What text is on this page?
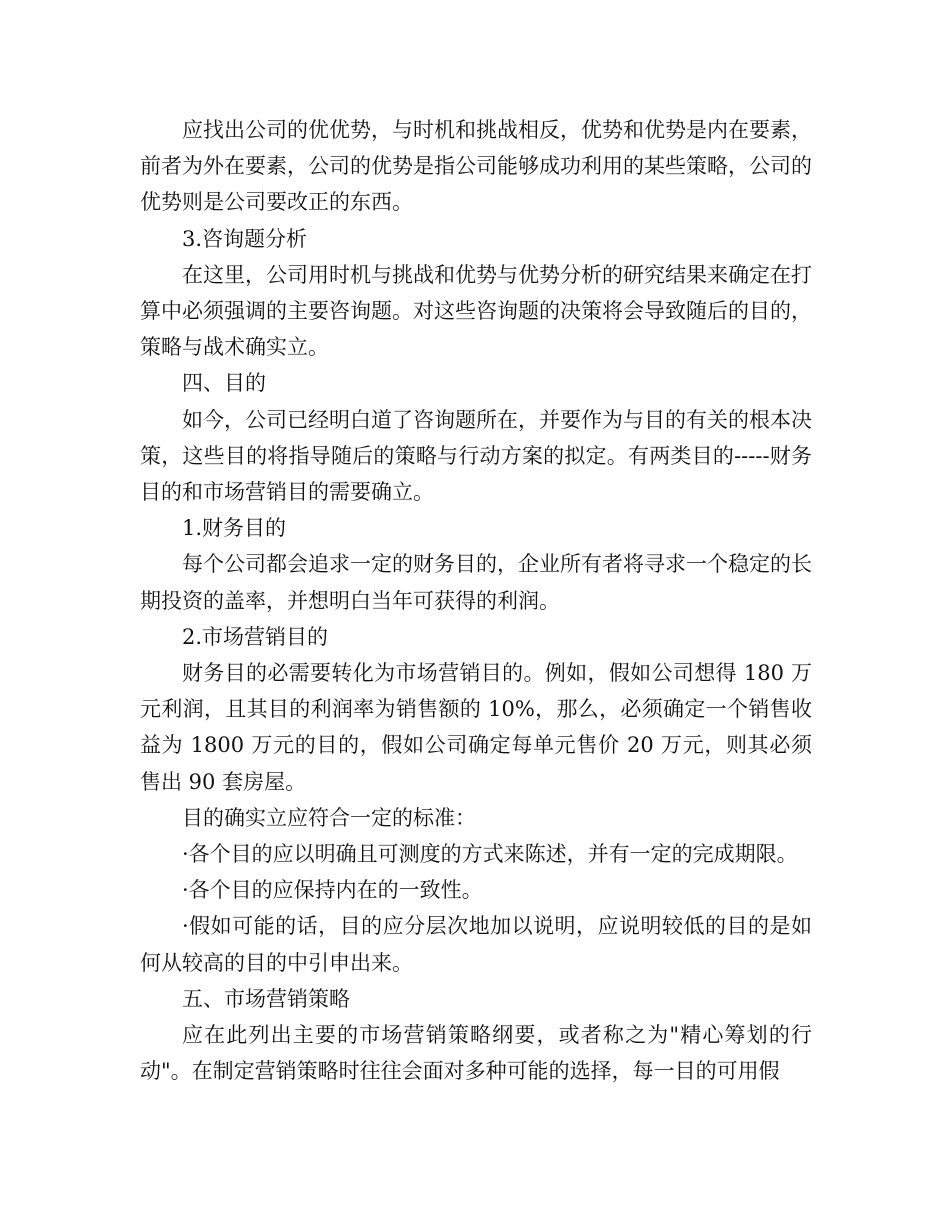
应找出公司的优优势，与时机和挑战相反，优势和优势是内在要素，前者为外在要素，公司的优势是指公司能够成功利用的某些策略，公司的优势则是公司要改正的东西。

3.咨询题分析

在这里，公司用时机与挑战和优势与优势分析的研究结果来确定在打算中必须强调的主要咨询题。对这些咨询题的决策将会导致随后的目的，策略与战术确实立。

四、目的

如今，公司已经明白道了咨询题所在，并要作为与目的有关的根本决策，这些目的将指导随后的策略与行动方案的拟定。有两类目的-----财务目的和市场营销目的需要确立。

1.财务目的

每个公司都会追求一定的财务目的，企业所有者将寻求一个稳定的长期投资的盖率，并想明白当年可获得的利润。

2.市场营销目的

财务目的必需要转化为市场营销目的。例如，假如公司想得 180 万元利润，且其目的利润率为销售额的 10%，那么，必须确定一个销售收益为 1800 万元的目的，假如公司确定每单元售价 20 万元，则其必须售出 90 套房屋。

目的确实立应符合一定的标准：

·各个目的应以明确且可测度的方式来陈述，并有一定的完成期限。

·各个目的应保持内在的一致性。

·假如可能的话，目的应分层次地加以说明，应说明较低的目的是如何从较高的目的中引申出来。

五、市场营销策略

应在此列出主要的市场营销策略纲要，或者称之为"精心筹划的行动"。在制定营销策略时往往会面对多种可能的选择，每一目的可用假
